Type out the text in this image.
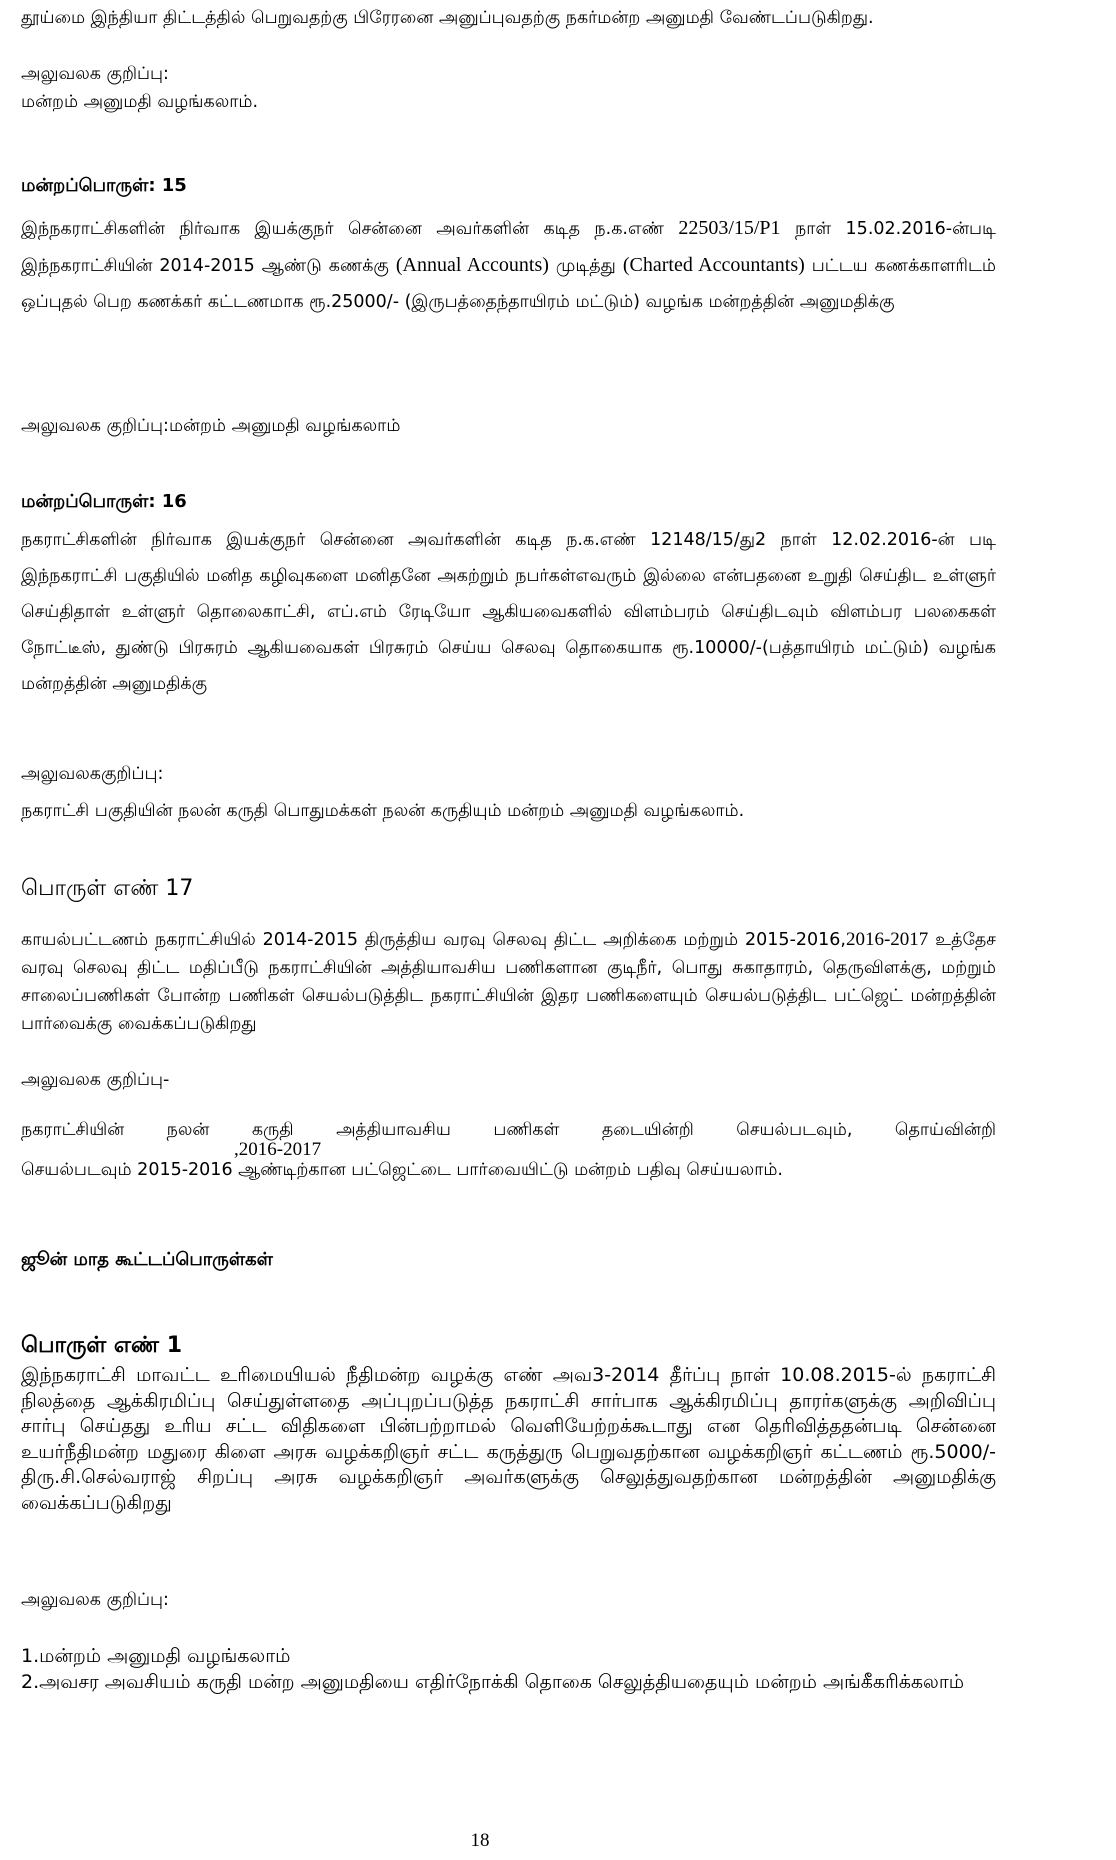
தூய்மை இந்தியா திட்டத்தில் பெறுவதற்கு பிரேரனை அனுப்புவதற்கு நகர்மன்ற அனுமதி வேண்டப்படுகிறது.

அலுவலக குறிப்பு:

மன்றம் அனுமதி வழங்கலாம்.

மன்றப்பொருள்: 15

இந்நகராட்சிகளின் நிர்வாக இயக்குநர் சென்னை அவர்களின் கடித ந.க.எண் 22503/15/P1 நாள் 15.02.2016-ன்படி இந்நகராட்சியின் 2014-2015 ஆண்டு கணக்கு (Annual Accounts) முடித்து (Charted Accountants) பட்டய கணக்காளரிடம் ஒப்புதல் பெற கணக்கர் கட்டணமாக ரூ.25000/- (இருபத்தைந்தாயிரம் மட்டும்) வழங்க மன்றத்தின் அனுமதிக்கு

அலுவலக குறிப்பு:மன்றம் அனுமதி வழங்கலாம்

மன்றப்பொருள்: 16

நகராட்சிகளின் நிர்வாக இயக்குநர் சென்னை அவர்களின் கடித ந.க.எண் 12148/15/து2 நாள் 12.02.2016-ன் படி இந்நகராட்சி பகுதியில் மனித கழிவுகளை மனிதனே அகற்றும் நபர்கள்எவரும் இல்லை என்பதனை உறுதி செய்திட உள்ளுர் செய்திதாள் உள்ளுர் தொலைகாட்சி, எப்.எம் ரேடியோ ஆகியவைகளில் விளம்பரம் செய்திடவும் விளம்பர பலகைகள் நோட்டீஸ், துண்டு பிரசுரம் ஆகியவைகள் பிரசுரம் செய்ய செலவு தொகையாக ரூ.10000/-(பத்தாயிரம் மட்டும்) வழங்க மன்றத்தின் அனுமதிக்கு

அலுவலககுறிப்பு:

நகராட்சி பகுதியின் நலன் கருதி பொதுமக்கள் நலன் கருதியும் மன்றம் அனுமதி வழங்கலாம்.

பொருள் எண் 17

காயல்பட்டணம் நகராட்சியில் 2014-2015 திருத்திய வரவு செலவு திட்ட அறிக்கை மற்றும் 2015-2016,2016-2017 உத்தேச வரவு செலவு திட்ட மதிப்பீடு நகராட்சியின் அத்தியாவசிய பணிகளான குடிநீர், பொது சுகாதாரம், தெருவிளக்கு, மற்றும் சாலைப்பணிகள் போன்ற பணிகள் செயல்படுத்திட நகராட்சியின் இதர பணிகளையும் செயல்படுத்திட பட்ஜெட் மன்றத்தின் பார்வைக்கு வைக்கப்படுகிறது

அலுவலக குறிப்பு-

நகராட்சியின் நலன் கருதி அத்தியாவசிய பணிகள் தடையின்றி செயல்படவும், தொய்வின்றி

செயல்படவும் 2015-2016 ஆண்டிற்கான பட்ஜெட்டை பார்வையிட்டு மன்றம் பதிவு செய்யலாம்.

,2016-2017

ஜூன் மாத கூட்டப்பொருள்கள்

பொருள் எண் 1

இந்நகராட்சி மாவட்ட உரிமையியல் நீதிமன்ற வழக்கு எண் அவ3-2014 தீர்ப்பு நாள் 10.08.2015-ல் நகராட்சி நிலத்தை ஆக்கிரமிப்பு செய்துள்ளதை அப்புறப்படுத்த நகராட்சி சார்பாக ஆக்கிரமிப்பு தாரர்களுக்கு அறிவிப்பு சார்பு செய்தது உரிய சட்ட விதிகளை பின்பற்றாமல் வெளியேற்றக்கூடாது என தெரிவித்ததன்படி சென்னை உயர்நீதிமன்ற மதுரை கிளை அரசு வழக்கறிஞர் சட்ட கருத்துரு பெறுவதற்கான வழக்கறிஞர் கட்டணம் ரூ.5000/- திரு.சி.செல்வராஜ் சிறப்பு அரசு வழக்கறிஞர் அவர்களுக்கு செலுத்துவதற்கான மன்றத்தின் அனுமதிக்கு வைக்கப்படுகிறது

அலுவலக குறிப்பு:

1.மன்றம் அனுமதி வழங்கலாம்

2.அவசர அவசியம் கருதி மன்ற அனுமதியை எதிர்நோக்கி தொகை செலுத்தியதையும் மன்றம் அங்கீகரிக்கலாம்

18
